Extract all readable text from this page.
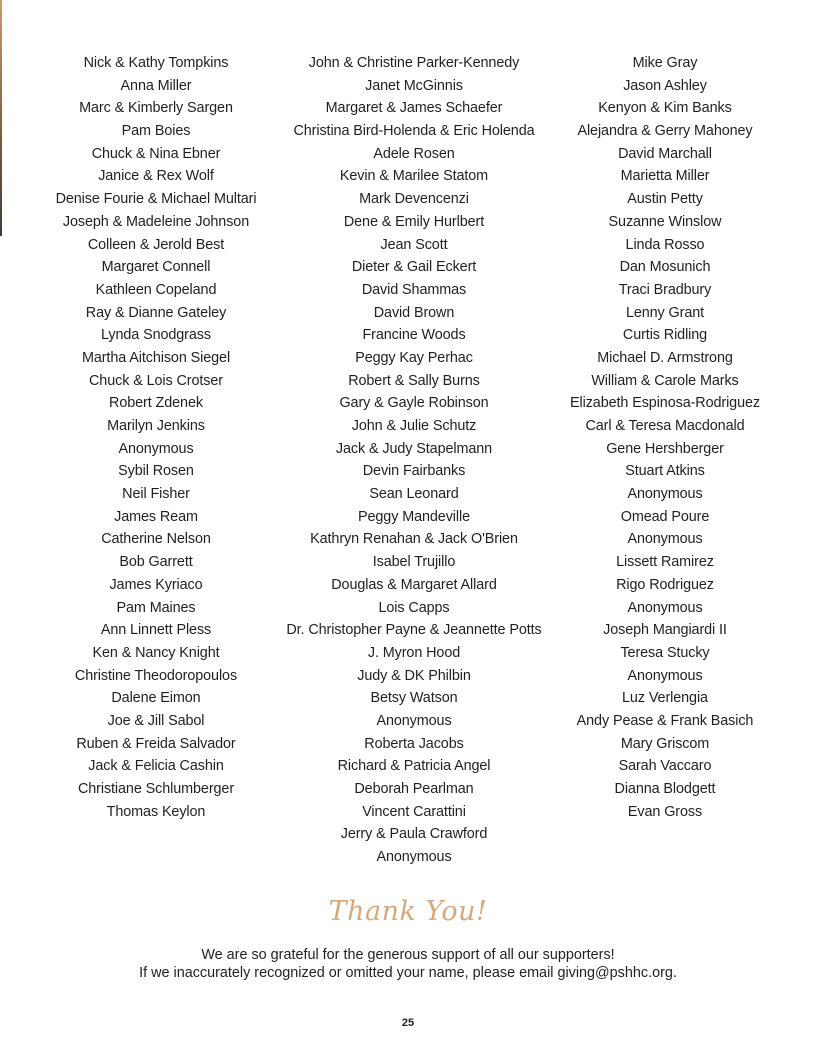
Nick & Kathy Tompkins
Anna Miller
Marc & Kimberly Sargen
Pam Boies
Chuck & Nina Ebner
Janice & Rex Wolf
Denise Fourie & Michael Multari
Joseph & Madeleine Johnson
Colleen & Jerold Best
Margaret Connell
Kathleen Copeland
Ray & Dianne Gateley
Lynda Snodgrass
Martha Aitchison Siegel
Chuck & Lois Crotser
Robert Zdenek
Marilyn Jenkins
Anonymous
Sybil Rosen
Neil Fisher
James Ream
Catherine Nelson
Bob Garrett
James Kyriaco
Pam Maines
Ann Linnett Pless
Ken & Nancy Knight
Christine Theodoropoulos
Dalene Eimon
Joe & Jill Sabol
Ruben & Freida Salvador
Jack & Felicia Cashin
Christiane Schlumberger
Thomas Keylon
John & Christine Parker-Kennedy
Janet McGinnis
Margaret & James Schaefer
Christina Bird-Holenda & Eric Holenda
Adele Rosen
Kevin & Marilee Statom
Mark Devencenzi
Dene & Emily Hurlbert
Jean Scott
Dieter & Gail Eckert
David Shammas
David Brown
Francine Woods
Peggy Kay Perhac
Robert & Sally Burns
Gary & Gayle Robinson
John & Julie Schutz
Jack & Judy Stapelmann
Devin Fairbanks
Sean Leonard
Peggy Mandeville
Kathryn Renahan & Jack O'Brien
Isabel Trujillo
Douglas & Margaret Allard
Lois Capps
Dr. Christopher Payne & Jeannette Potts
J. Myron Hood
Judy & DK Philbin
Betsy Watson
Anonymous
Roberta Jacobs
Richard & Patricia Angel
Deborah Pearlman
Vincent Carattini
Jerry & Paula Crawford
Anonymous
Mike Gray
Jason Ashley
Kenyon & Kim Banks
Alejandra & Gerry Mahoney
David Marchall
Marietta Miller
Austin Petty
Suzanne Winslow
Linda Rosso
Dan Mosunich
Traci Bradbury
Lenny Grant
Curtis Ridling
Michael D. Armstrong
William & Carole Marks
Elizabeth Espinosa-Rodriguez
Carl & Teresa Macdonald
Gene Hershberger
Stuart Atkins
Anonymous
Omead Poure
Anonymous
Lissett Ramirez
Rigo Rodriguez
Anonymous
Joseph Mangiardi II
Teresa Stucky
Anonymous
Luz Verlengia
Andy Pease & Frank Basich
Mary Griscom
Sarah Vaccaro
Dianna Blodgett
Evan Gross
Thank You!
We are so grateful for the generous support of all our supporters!
If we inaccurately recognized or omitted your name, please email giving@pshhc.org.
25
